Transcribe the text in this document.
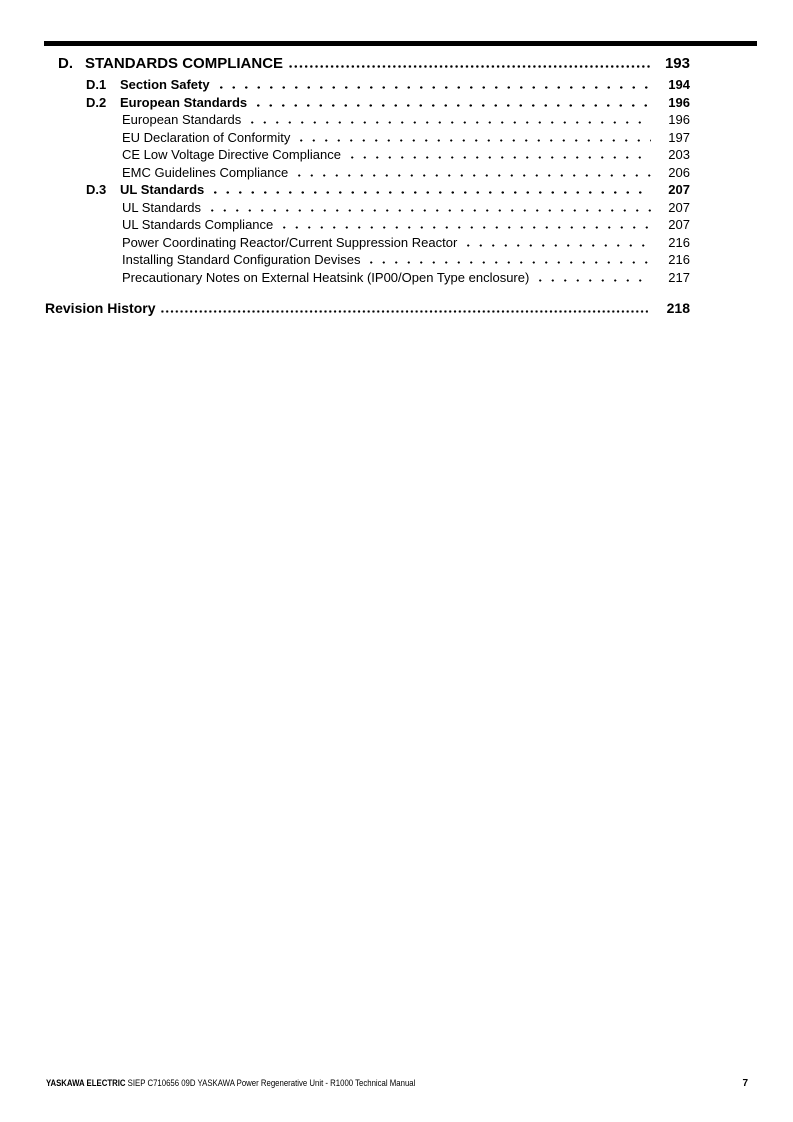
D. STANDARDS COMPLIANCE	193
D.1	Section Safety	194
D.2	European Standards	196
European Standards	196
EU Declaration of Conformity	197
CE Low Voltage Directive Compliance	203
EMC Guidelines Compliance	206
D.3	UL Standards	207
UL Standards	207
UL Standards Compliance	207
Power Coordinating Reactor/Current Suppression Reactor	216
Installing Standard Configuration Devises	216
Precautionary Notes on External Heatsink (IP00/Open Type enclosure)	217
Revision History	218
YASKAWA ELECTRIC SIEP C710656 09D YASKAWA Power Regenerative Unit - R1000 Technical Manual	7
